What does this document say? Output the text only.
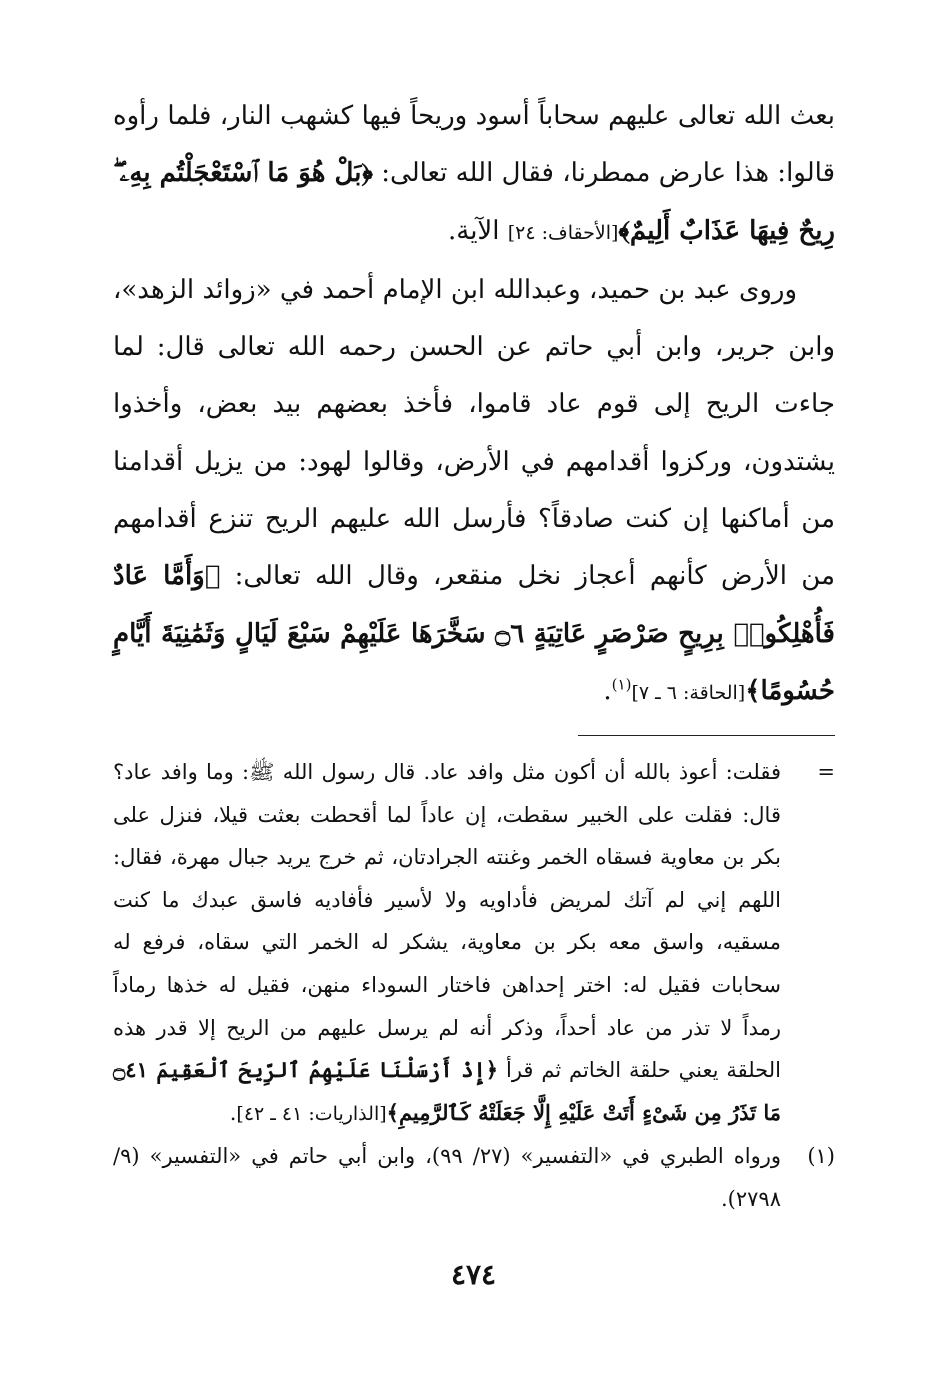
بعث الله تعالى عليهم سحاباً أسود وريحاً فيها كشهب النار، فلما رأوه قالوا: هذا عارض ممطرنا، فقال الله تعالى: ﴿بَلْ هُوَ مَا ٱسْتَعْجَلْتُم بِهِۦ ۖ رِيحٌ فِيهَا عَذَابٌ أَلِيمٌ﴾[الأحقاف: ٢٤] الآية.

وروى عبد بن حميد، وعبدالله ابن الإمام أحمد في «زوائد الزهد»، وابن جرير، وابن أبي حاتم عن الحسن رحمه الله تعالى قال: لما جاءت الريح إلى قوم عاد قاموا، فأخذ بعضهم بيد بعض، وأخذوا يشتدون، وركزوا أقدامهم في الأرض، وقالوا لهود: من يزيل أقدامنا من أماكنها إن كنت صادقاً؟ فأرسل الله عليهم الريح تنزع أقدامهم من الأرض كأنهم أعجاز نخل منقعر، وقال الله تعالى: ﴿وَأَمَّا عَادٌ فَأُهْلِكُوا۟ بِرِيحٍ صَرْصَرٍ عَاتِيَةٍ ۝٦ سَخَّرَهَا عَلَيْهِمْ سَبْعَ لَيَالٍ وَثَمَٰنِيَةَ أَيَّامٍ حُسُومًا﴾[الحاقة: ٦ ـ ٧]$^{(١)}$.

=
فقلت: أعوذ بالله أن أكون مثل وافد عاد. قال رسول الله ﷺ: وما وافد عاد؟ قال: فقلت على الخبير سقطت، إن عاداً لما أقحطت بعثت قيلا، فنزل على بكر بن معاوية فسقاه الخمر وغنته الجرادتان، ثم خرج يريد جبال مهرة، فقال: اللهم إني لم آتك لمريض فأداويه ولا لأسير فأفاديه فاسق عبدك ما كنت مسقيه، واسق معه بكر بن معاوية، يشكر له الخمر التي سقاه، فرفع له سحابات فقيل له: اختر إحداهن فاختار السوداء منهن، فقيل له خذها رماداً رمداً لا تذر من عاد أحداً، وذكر أنه لم يرسل عليهم من الريح إلا قدر هذه الحلقة يعني حلقة الخاتم ثم قرأ ﴿إِذْ أَرْسَلْنَا عَلَيْهِمُ ٱلرِّيحَ ٱلْعَقِيمَ ۝٤١ مَا تَذَرُ مِن شَىْءٍ أَتَتْ عَلَيْهِ إِلَّا جَعَلَتْهُ كَٱلرَّمِيمِ﴾[الذاريات: ٤١ ـ ٤٢].
(١)
ورواه الطبري في «التفسير» (٢٧/ ٩٩)، وابن أبي حاتم في «التفسير» (٩/ ٢٧٩٨).
٤٧٤
